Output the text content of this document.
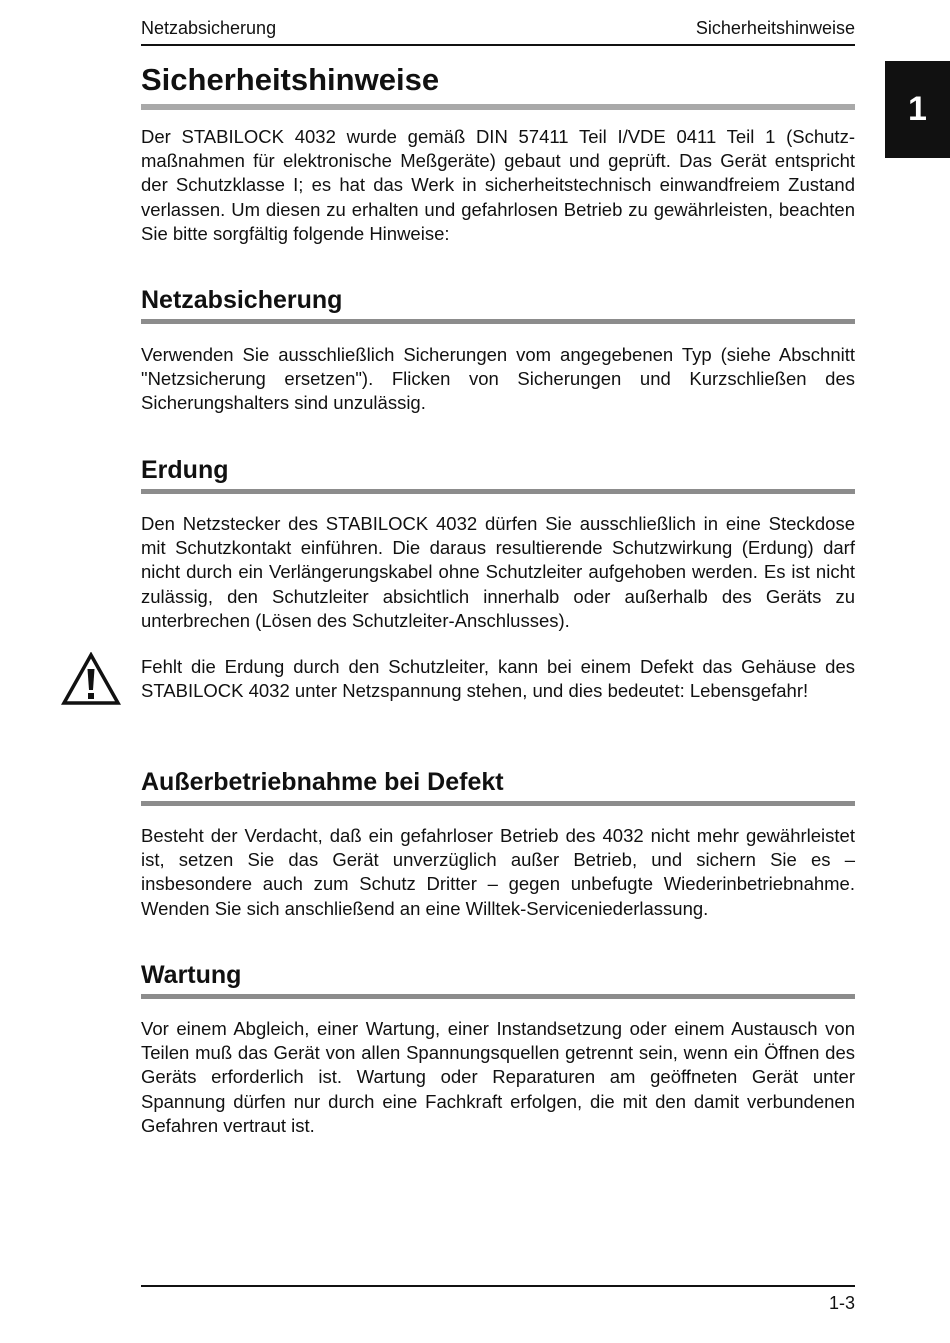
Netzabsicherung	Sicherheitshinweise
1
Sicherheitshinweise

Der STABILOCK 4032 wurde gemäß DIN 57411 Teil I/VDE 0411 Teil 1 (Schutzmaßnahmen für elektronische Meßgeräte) gebaut und geprüft. Das Gerät entspricht der Schutzklasse I; es hat das Werk in sicherheitstechnisch einwandfreiem Zustand verlassen. Um diesen zu erhalten und gefahrlosen Betrieb zu gewährleisten, beachten Sie bitte sorgfältig folgende Hinweise:

Netzabsicherung

Verwenden Sie ausschließlich Sicherungen vom angegebenen Typ (siehe Abschnitt "Netzsicherung ersetzen"). Flicken von Sicherungen und Kurzschließen des Sicherungshalters sind unzulässig.

Erdung

Den Netzstecker des STABILOCK 4032 dürfen Sie ausschließlich in eine Steckdose mit Schutzkontakt einführen. Die daraus resultierende Schutzwirkung (Erdung) darf nicht durch ein Verlängerungskabel ohne Schutzleiter aufgehoben werden. Es ist nicht zulässig, den Schutzleiter absichtlich innerhalb oder außerhalb des Geräts zu unterbrechen (Lösen des Schutzleiter-Anschlusses).

Fehlt die Erdung durch den Schutzleiter, kann bei einem Defekt das Gehäuse des STABILOCK 4032 unter Netzspannung stehen, und dies bedeutet: Lebensgefahr!

Außerbetriebnahme bei Defekt

Besteht der Verdacht, daß ein gefahrloser Betrieb des 4032 nicht mehr gewährleistet ist, setzen Sie das Gerät unverzüglich außer Betrieb, und sichern Sie es – insbesondere auch zum Schutz Dritter – gegen unbefugte Wiederinbetriebnahme. Wenden Sie sich anschließend an eine Willtek-Serviceniederlassung.

Wartung

Vor einem Abgleich, einer Wartung, einer Instandsetzung oder einem Austausch von Teilen muß das Gerät von allen Spannungsquellen getrennt sein, wenn ein Öffnen des Geräts erforderlich ist. Wartung oder Reparaturen am geöffneten Gerät unter Spannung dürfen nur durch eine Fachkraft erfolgen, die mit den damit verbundenen Gefahren vertraut ist.

1-3
